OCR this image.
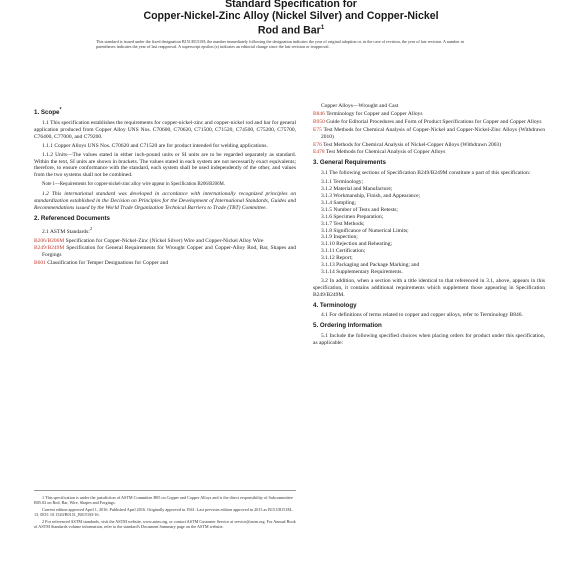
Standard Specification for
Copper-Nickel-Zinc Alloy (Nickel Silver) and Copper-Nickel
Rod and Bar$^1$
This standard is issued under the fixed designation B151/B151M; the number immediately following the designation indicates the year of original adoption or, in the case of revision, the year of last revision. A number in parentheses indicates the year of last reapproval. A superscript epsilon (ε) indicates an editorial change since the last revision or reapproval.
1. Scope*
1.1 This specification establishes the requirements for copper-nickel-zinc and copper-nickel rod and bar for general application produced from Copper Alloy UNS Nos. C70600, C70620, C71500, C71520, C74500, C75200, C75700, C76400, C77000, and C79200.
1.1.1 Copper Alloys UNS Nos. C70620 and C71520 are for product intended for welding applications.
1.1.2 Units—The values stated in either inch-pound units or SI units are to be regarded separately as standard. Within the text, SI units are shown in brackets. The values stated in each system are not necessarily exact equivalents; therefore, to ensure conformance with the standard, each system shall be used independently of the other, and values from the two systems shall not be combined.
Note 1—Requirements for copper-nickel-zinc alloy wire appear in Specification B206/B206M.
1.2 This international standard was developed in accordance with internationally recognized principles on standardization established in the Decision on Principles for the Development of International Standards, Guides and Recommendations issued by the World Trade Organization Technical Barriers to Trade (TBT) Committee.
2. Referenced Documents
2.1 ASTM Standards:$^2$
B206/B206M Specification for Copper-Nickel-Zinc (Nickel Silver) Wire and Copper-Nickel Alloy Wire
B249/B249M Specification for General Requirements for Wrought Copper and Copper-Alloy Rod, Bar, Shapes and Forgings
B601 Classification for Temper Designations for Copper and
Copper Alloys—Wrought and Cast
B846 Terminology for Copper and Copper Alloys
B950 Guide for Editorial Procedures and Form of Product Specifications for Copper and Copper Alloys
E75 Test Methods for Chemical Analysis of Copper-Nickel and Copper-Nickel-Zinc Alloys (Withdrawn 2010)
E76 Test Methods for Chemical Analysis of Nickel-Copper Alloys (Withdrawn 2003)
E478 Test Methods for Chemical Analysis of Copper Alloys
3. General Requirements
3.1 The following sections of Specification B249/B249M constitute a part of this specification:
3.1.1 Terminology;
3.1.2 Material and Manufacture;
3.1.3 Workmanship, Finish, and Appearance;
3.1.4 Sampling;
3.1.5 Number of Tests and Retests;
3.1.6 Specimen Preparation;
3.1.7 Test Methods;
3.1.8 Significance of Numerical Limits;
3.1.9 Inspection;
3.1.10 Rejection and Rehearing;
3.1.11 Certification;
3.1.12 Report;
3.1.13 Packaging and Package Marking; and
3.1.14 Supplementary Requirements.
3.2 In addition, when a section with a title identical to that referenced in 3.1, above, appears in this specification, it contains additional requirements which supplement those appearing in Specification B249/B249M.
4. Terminology
4.1 For definitions of terms related to copper and copper alloys, refer to Terminology B846.
5. Ordering Information
5.1 Include the following specified choices when placing orders for product under this specification, as applicable:
1 This specification is under the jurisdiction of ASTM Committee B05 on Copper and Copper Alloys and is the direct responsibility of Subcommittee B05.02 on Rod, Bar, Wire, Shapes and Forgings.
Current edition approved April 1, 2016. Published April 2016. Originally approved in 1941. Last previous edition approved in 2013 as B151/B151M–13. DOI: 10.1520/B0151_B0151M-16.
2 For referenced ASTM standards, visit the ASTM website, www.astm.org, or contact ASTM Customer Service at service@astm.org. For Annual Book of ASTM Standards volume information, refer to the standard's Document Summary page on the ASTM website.
